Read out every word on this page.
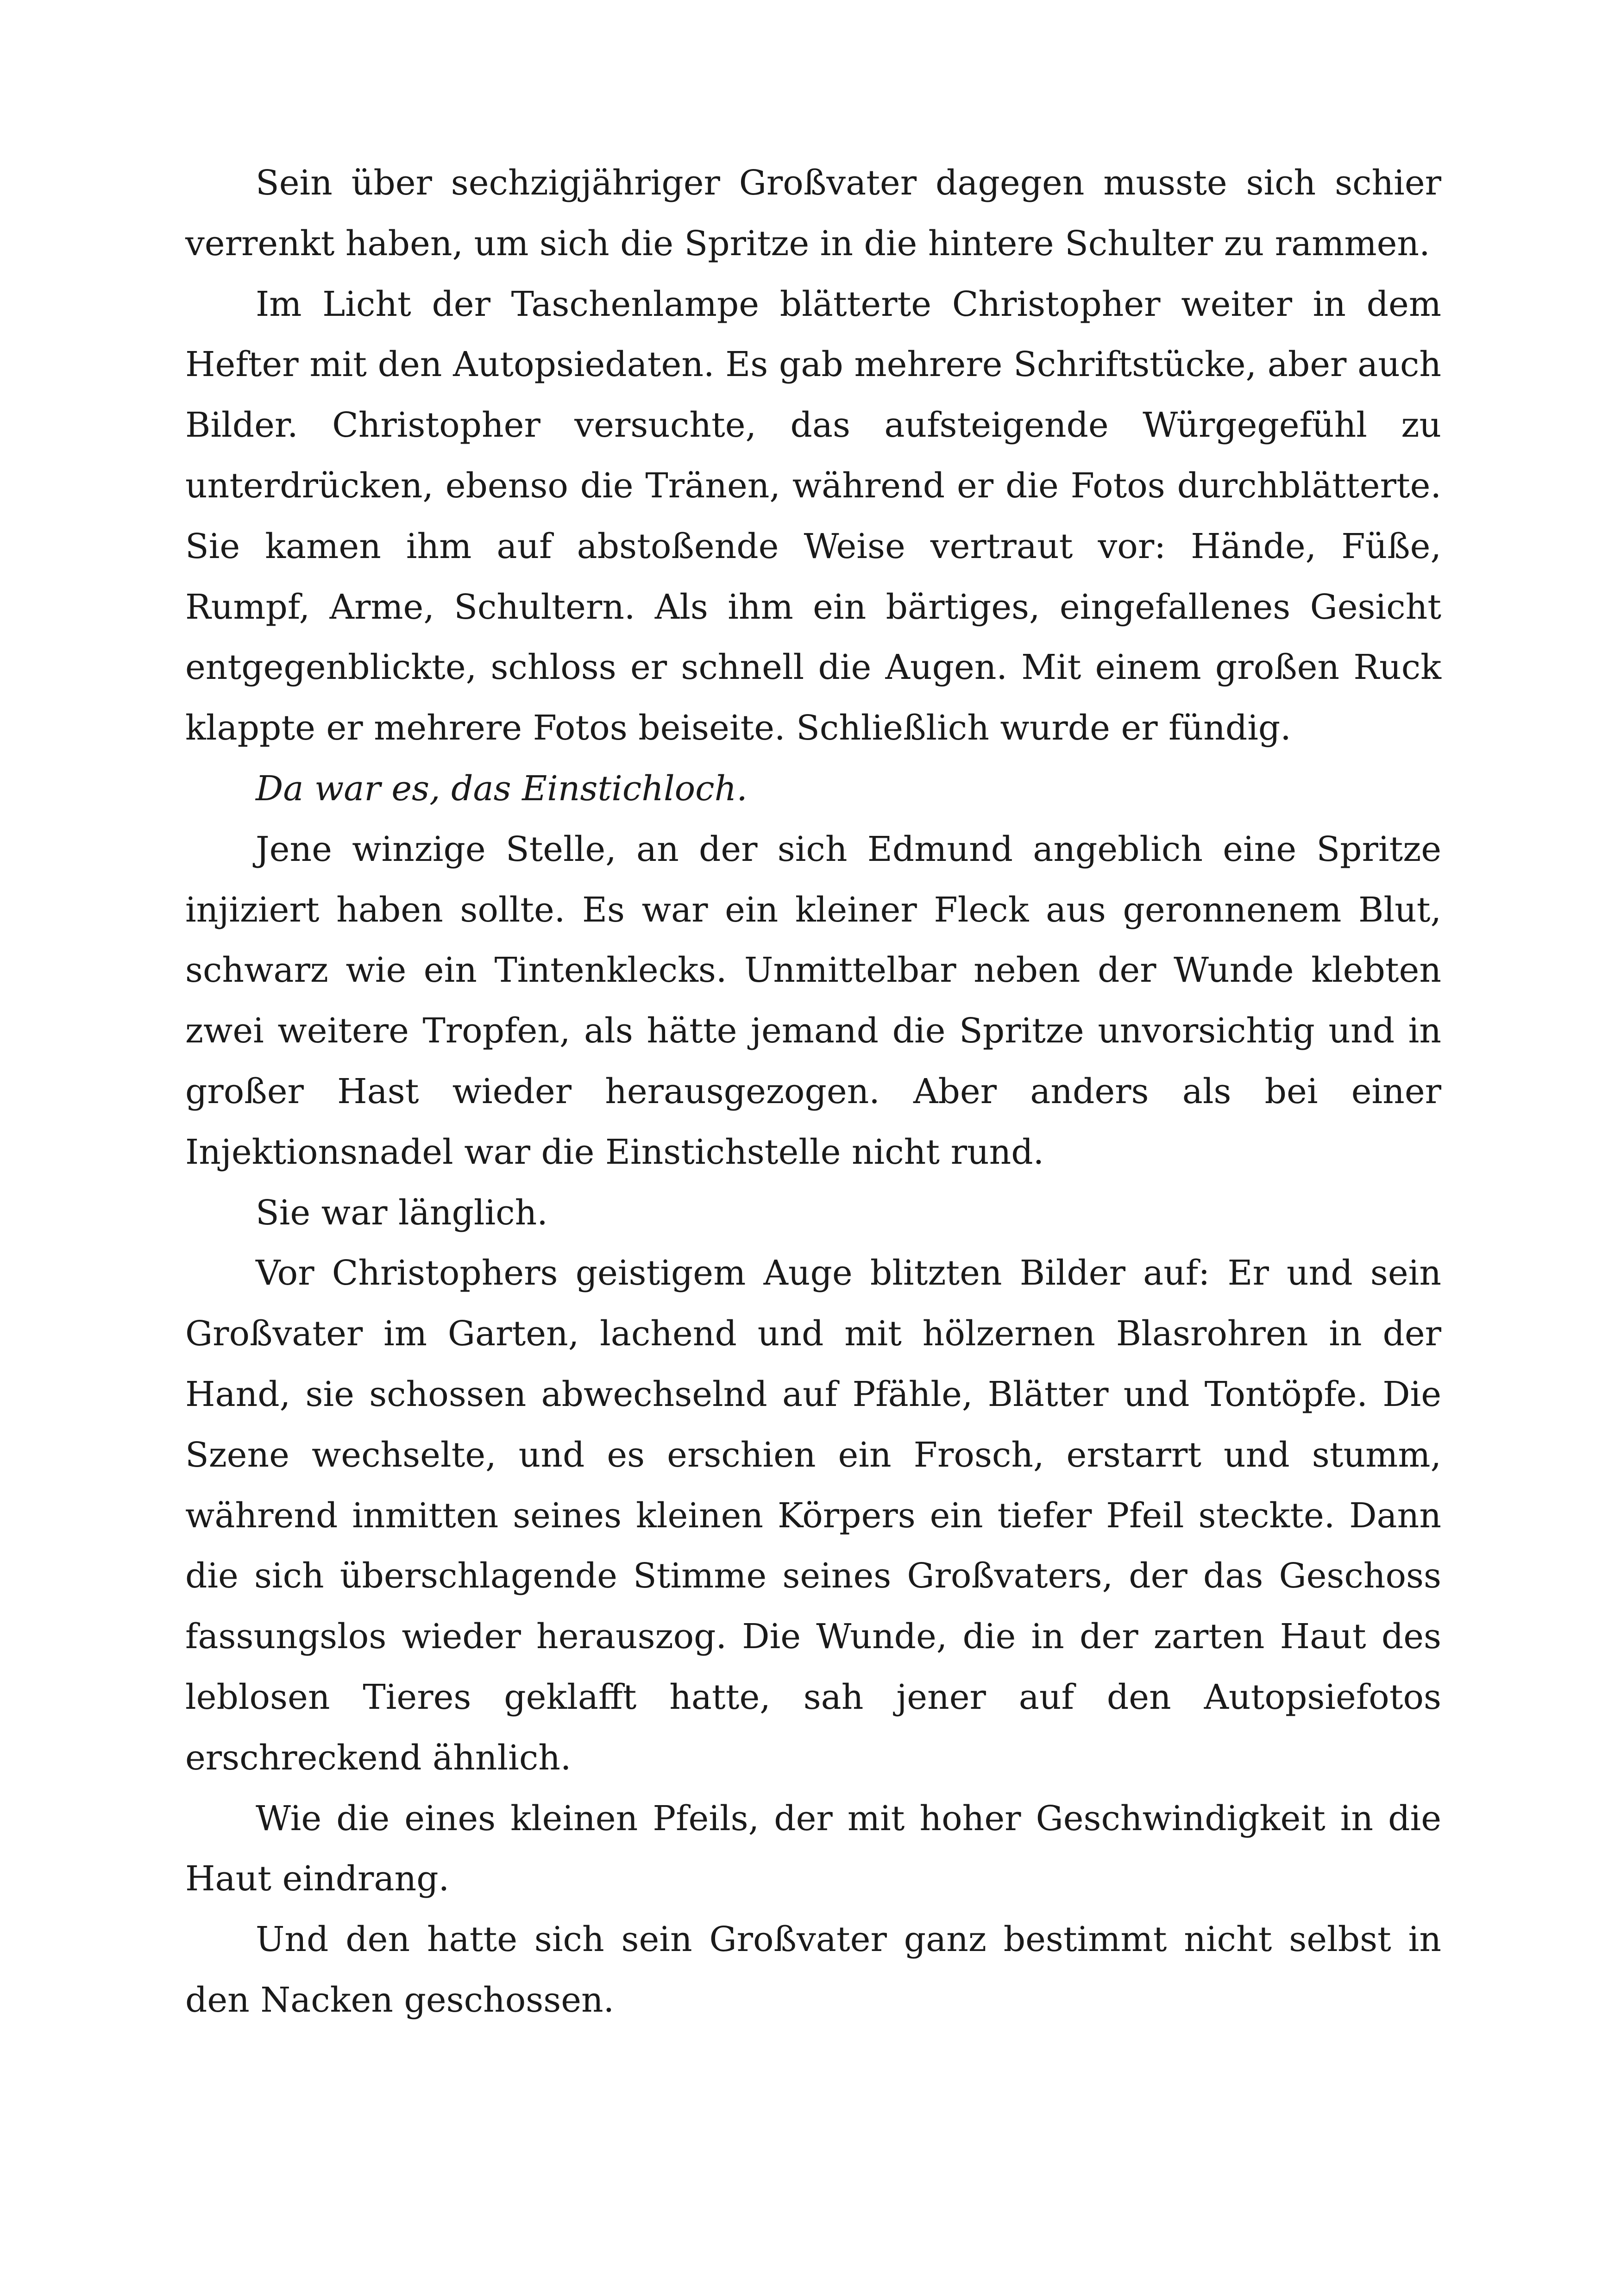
Sein über sechzigjähriger Großvater dagegen musste sich schier verrenkt haben, um sich die Spritze in die hintere Schulter zu rammen.

Im Licht der Taschenlampe blätterte Christopher weiter in dem Hefter mit den Autopsiedaten. Es gab mehrere Schriftstücke, aber auch Bilder. Christopher versuchte, das aufsteigende Würgegefühl zu unterdrücken, ebenso die Tränen, während er die Fotos durchblätterte. Sie kamen ihm auf abstoßende Weise vertraut vor: Hände, Füße, Rumpf, Arme, Schultern. Als ihm ein bärtiges, eingefallenes Gesicht entgegenblickte, schloss er schnell die Augen. Mit einem großen Ruck klappte er mehrere Fotos beiseite. Schließlich wurde er fündig.

Da war es, das Einstichloch.

Jene winzige Stelle, an der sich Edmund angeblich eine Spritze injiziert haben sollte. Es war ein kleiner Fleck aus geronnenem Blut, schwarz wie ein Tintenklecks. Unmittelbar neben der Wunde klebten zwei weitere Tropfen, als hätte jemand die Spritze unvorsichtig und in großer Hast wieder herausgezogen. Aber anders als bei einer Injektionsnadel war die Einstichstelle nicht rund.

Sie war länglich.

Vor Christophers geistigem Auge blitzten Bilder auf: Er und sein Großvater im Garten, lachend und mit hölzernen Blasrohren in der Hand, sie schossen abwechselnd auf Pfähle, Blätter und Tontöpfe. Die Szene wechselte, und es erschien ein Frosch, erstarrt und stumm, während inmitten seines kleinen Körpers ein tiefer Pfeil steckte. Dann die sich überschlagende Stimme seines Großvaters, der das Geschoss fassungslos wieder herauszog. Die Wunde, die in der zarten Haut des leblosen Tieres geklafft hatte, sah jener auf den Autopsiefotos erschreckend ähnlich.

Wie die eines kleinen Pfeils, der mit hoher Geschwindigkeit in die Haut eindrang.

Und den hatte sich sein Großvater ganz bestimmt nicht selbst in den Nacken geschossen.
